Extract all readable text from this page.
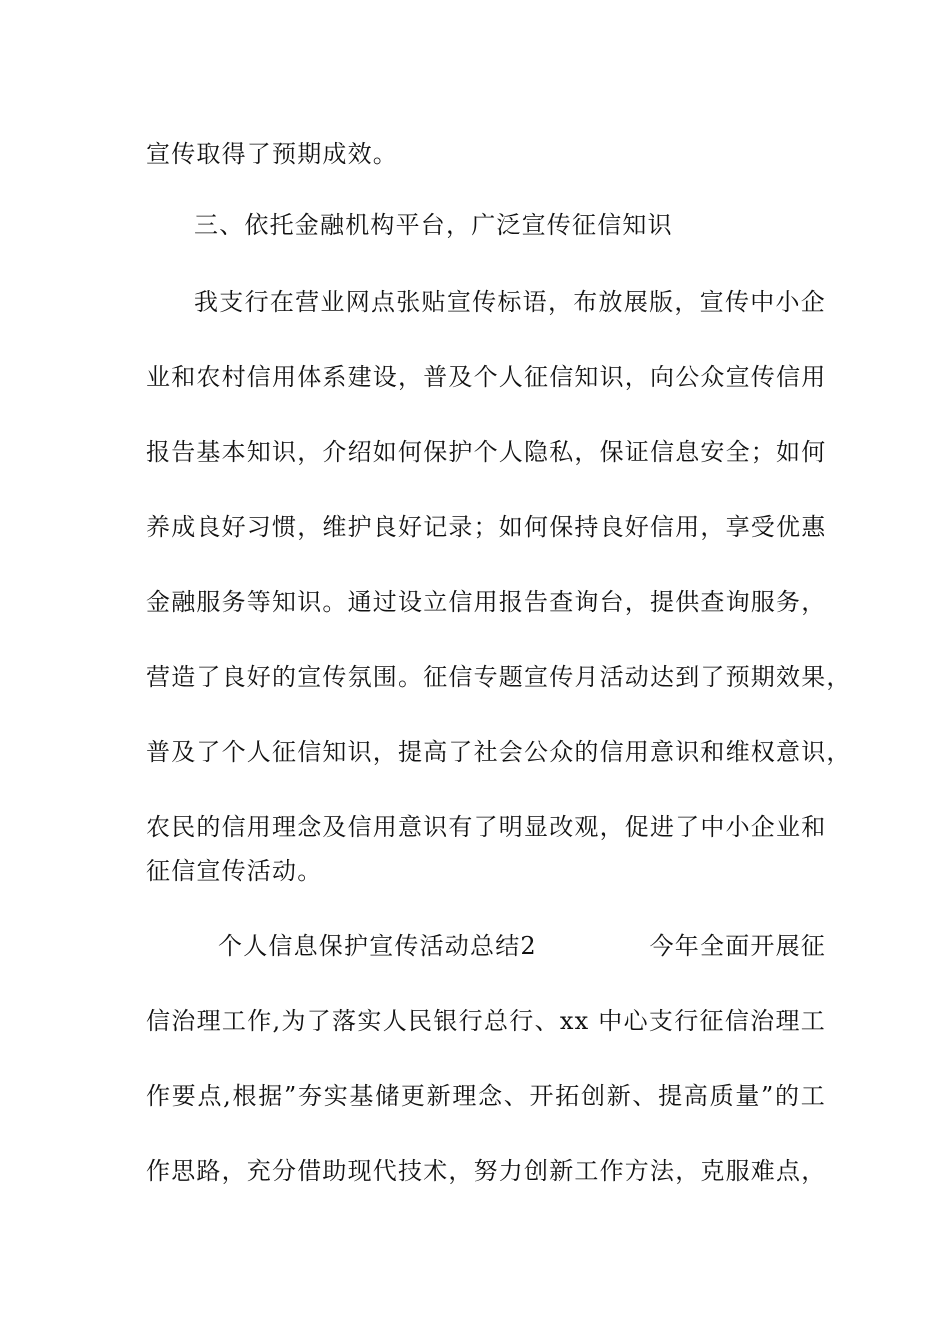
宣传取得了预期成效。
三、依托金融机构平台，广泛宣传征信知识
我支行在营业网点张贴宣传标语，布放展版，宣传中小企
业和农村信用体系建设，普及个人征信知识，向公众宣传信用
报告基本知识，介绍如何保护个人隐私，保证信息安全；如何
养成良好习惯，维护良好记录；如何保持良好信用，享受优惠
金融服务等知识。通过设立信用报告查询台，提供查询服务，
营造了良好的宣传氛围。征信专题宣传月活动达到了预期效果，
普及了个人征信知识，提高了社会公众的信用意识和维权意识，
农民的信用理念及信用意识有了明显改观，促进了中小企业和
征信宣传活动。
个人信息保护宣传活动总结2	今年全面开展征
信治理工作,为了落实人民银行总行、xx 中心支行征信治理工
作要点,根据”夯实基储更新理念、开拓创新、提高质量”的工
作思路，充分借助现代技术，努力创新工作方法，克服难点，
